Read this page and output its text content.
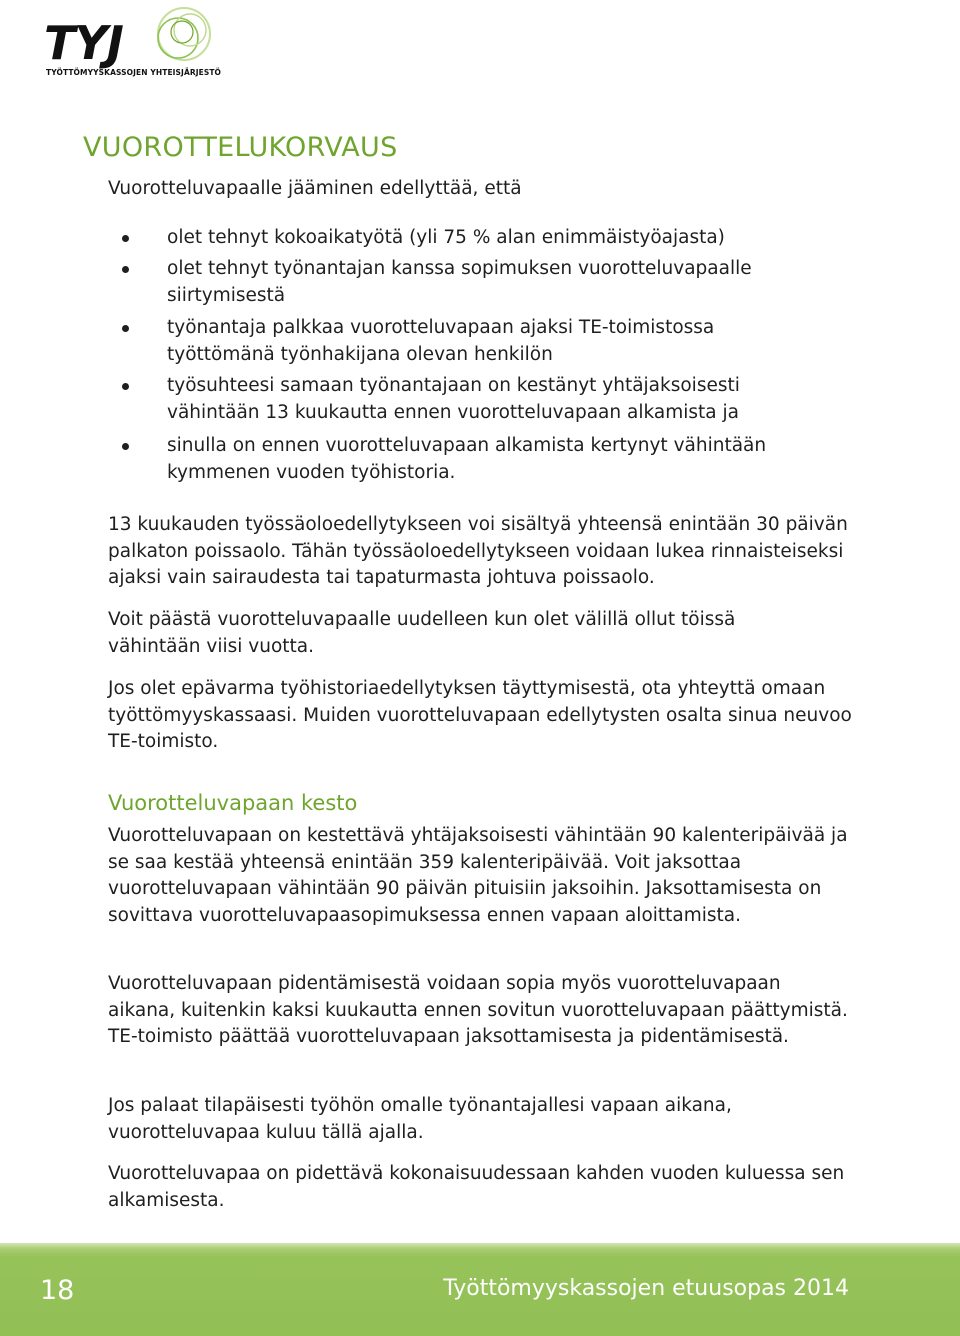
TYJ
TYÖTTÖMYYSKASSOJEN YHTEISJÄRJESTÖ
VUOROTTELUKORVAUS

Vuorotteluvapaalle jääminen edellyttää, että

olet tehnyt kokoaikatyötä (yli 75 % alan enimmäistyöajasta)
olet tehnyt työnantajan kanssa sopimuksen vuorotteluvapaalle siirtymisestä
työnantaja palkkaa vuorotteluvapaan ajaksi TE-toimistossa työttömänä työnhakijana olevan henkilön
työsuhteesi samaan työnantajaan on kestänyt yhtäjaksoisesti vähintään 13 kuukautta ennen vuorotteluvapaan alkamista ja
sinulla on ennen vuorotteluvapaan alkamista kertynyt vähintään kymmenen vuoden työhistoria.

13 kuukauden työssäoloedellytykseen voi sisältyä yhteensä enintään 30 päivän palkaton poissaolo. Tähän työssäoloedellytykseen voidaan lukea rinnaisteiseksi ajaksi vain sairaudesta tai tapaturmasta johtuva poissaolo.

Voit päästä vuorotteluvapaalle uudelleen kun olet välillä ollut töissä vähintään viisi vuotta.

Jos olet epävarma työhistoriaedellytyksen täyttymisestä, ota yhteyttä omaan työttömyyskassaasi. Muiden vuorotteluvapaan edellytysten osalta sinua neuvoo TE-toimisto.

Vuorotteluvapaan kesto

Vuorotteluvapaan on kestettävä yhtäjaksoisesti vähintään 90 kalenteripäivää ja se saa kestää yhteensä enintään 359 kalenteripäivää. Voit jaksottaa vuorotteluvapaan vähintään 90 päivän pituisiin jaksoihin. Jaksottamisesta on sovittava vuorotteluvapaasopimuksessa ennen vapaan aloittamista.

Vuorotteluvapaan pidentämisestä voidaan sopia myös vuorotteluvapaan aikana, kuitenkin kaksi kuukautta ennen sovitun vuorotteluvapaan päättymistä. TE-toimisto päättää vuorotteluvapaan jaksottamisesta ja pidentämisestä.

Jos palaat tilapäisesti työhön omalle työnantajallesi vapaan aikana, vuorotteluvapaa kuluu tällä ajalla.

Vuorotteluvapaa on pidettävä kokonaisuudessaan kahden vuoden kuluessa sen alkamisesta.

18	Työttömyyskassojen etuusopas 2014
